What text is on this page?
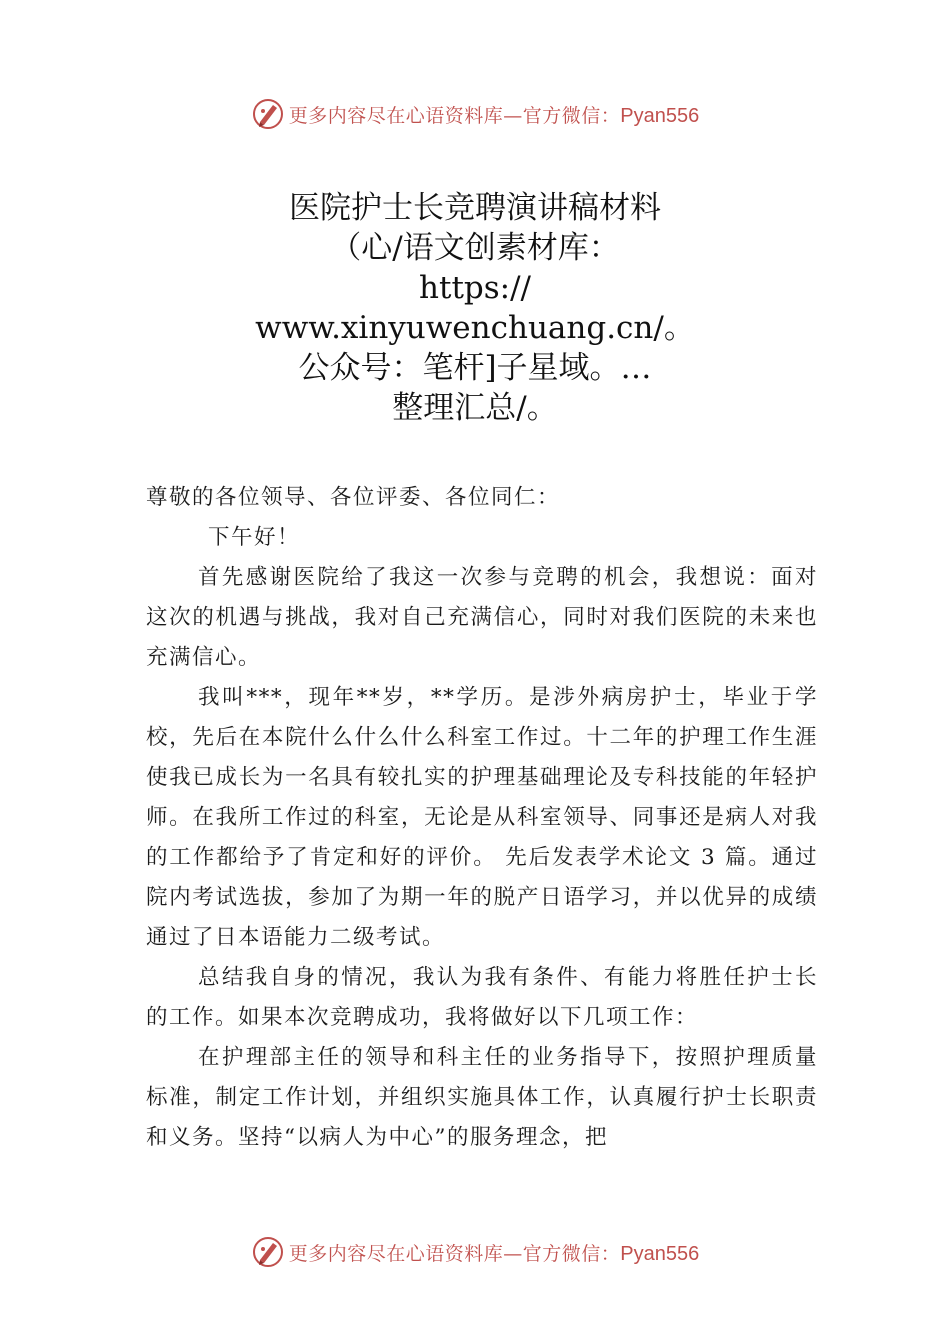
更多内容尽在心语资料库—官方微信：Pyan556
医院护士长竞聘演讲稿材料
（心/语文创素材库：
https://
www.xinyuwenchuang.cn/。
公众号：笔杆]子星域。…
整理汇总/。

尊敬的各位领导、各位评委、各位同仁：

下午好！

首先感谢医院给了我这一次参与竞聘的机会，我想说：面对这次的机遇与挑战，我对自己充满信心，同时对我们医院的未来也充满信心。

我叫***，现年**岁，**学历。是涉外病房护士，毕业于学校，先后在本院什么什么什么科室工作过。十二年的护理工作生涯使我已成长为一名具有较扎实的护理基础理论及专科技能的年轻护师。在我所工作过的科室，无论是从科室领导、同事还是病人对我的工作都给予了肯定和好的评价。 先后发表学术论文 3 篇。通过院内考试选拔，参加了为期一年的脱产日语学习，并以优异的成绩通过了日本语能力二级考试。

总结我自身的情况，我认为我有条件、有能力将胜任护士长的工作。如果本次竞聘成功，我将做好以下几项工作：

在护理部主任的领导和科主任的业务指导下，按照护理质量标准，制定工作计划，并组织实施具体工作，认真履行护士长职责和义务。坚持“以病人为中心”的服务理念，把

更多内容尽在心语资料库—官方微信：Pyan556
